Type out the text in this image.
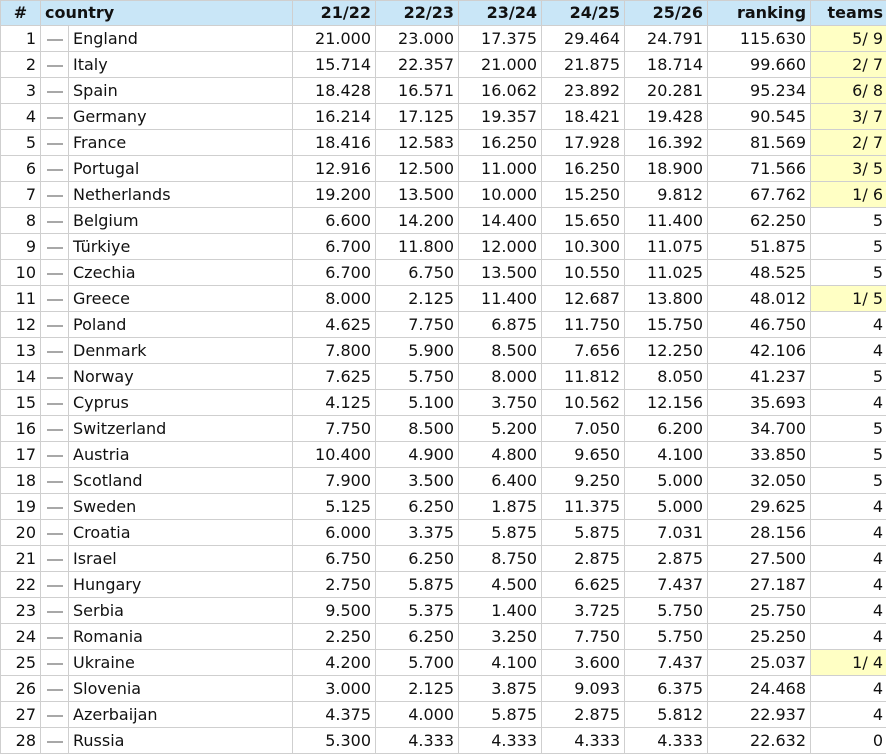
#	country		21/22	22/23	23/24	24/25	25/26	ranking	teams
1		England	21.000	23.000	17.375	29.464	24.791	115.630	5/ 9
2		Italy	15.714	22.357	21.000	21.875	18.714	99.660	2/ 7
3		Spain	18.428	16.571	16.062	23.892	20.281	95.234	6/ 8
4		Germany	16.214	17.125	19.357	18.421	19.428	90.545	3/ 7
5		France	18.416	12.583	16.250	17.928	16.392	81.569	2/ 7
6		Portugal	12.916	12.500	11.000	16.250	18.900	71.566	3/ 5
7		Netherlands	19.200	13.500	10.000	15.250	9.812	67.762	1/ 6
8		Belgium	6.600	14.200	14.400	15.650	11.400	62.250	5
9		Türkiye	6.700	11.800	12.000	10.300	11.075	51.875	5
10		Czechia	6.700	6.750	13.500	10.550	11.025	48.525	5
11		Greece	8.000	2.125	11.400	12.687	13.800	48.012	1/ 5
12		Poland	4.625	7.750	6.875	11.750	15.750	46.750	4
13		Denmark	7.800	5.900	8.500	7.656	12.250	42.106	4
14		Norway	7.625	5.750	8.000	11.812	8.050	41.237	5
15		Cyprus	4.125	5.100	3.750	10.562	12.156	35.693	4
16		Switzerland	7.750	8.500	5.200	7.050	6.200	34.700	5
17		Austria	10.400	4.900	4.800	9.650	4.100	33.850	5
18		Scotland	7.900	3.500	6.400	9.250	5.000	32.050	5
19		Sweden	5.125	6.250	1.875	11.375	5.000	29.625	4
20		Croatia	6.000	3.375	5.875	5.875	7.031	28.156	4
21		Israel	6.750	6.250	8.750	2.875	2.875	27.500	4
22		Hungary	2.750	5.875	4.500	6.625	7.437	27.187	4
23		Serbia	9.500	5.375	1.400	3.725	5.750	25.750	4
24		Romania	2.250	6.250	3.250	7.750	5.750	25.250	4
25		Ukraine	4.200	5.700	4.100	3.600	7.437	25.037	1/ 4
26		Slovenia	3.000	2.125	3.875	9.093	6.375	24.468	4
27		Azerbaijan	4.375	4.000	5.875	2.875	5.812	22.937	4
28		Russia	5.300	4.333	4.333	4.333	4.333	22.632	0
